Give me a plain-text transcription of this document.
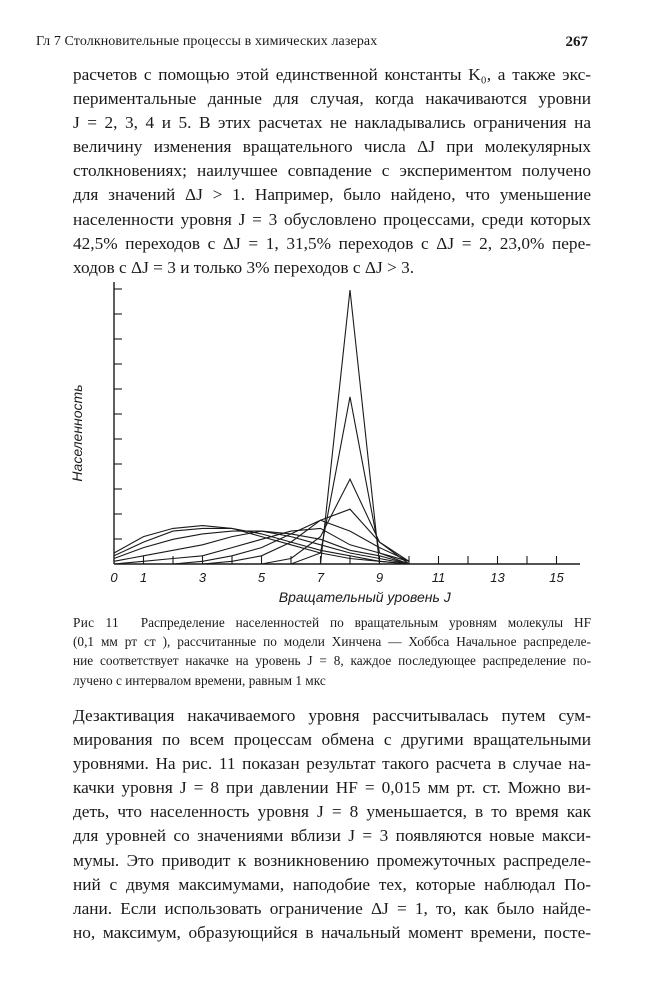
Гл 7 Столкновительные процессы в химических лазерах	267
расчетов с помощью этой единственной константы K₀, а также экс-
периментальные данные для случая, когда накачиваются уровни
J = 2, 3, 4 и 5. В этих расчетах не накладывались ограничения на
величину изменения вращательного числа ΔJ при молекулярных
столкновениях; наилучшее совпадение с экспериментом получено
для значений ΔJ > 1. Например, было найдено, что уменьшение
населенности уровня J = 3 обусловлено процессами, среди которых
42,5% переходов с ΔJ = 1, 31,5% переходов с ΔJ = 2, 23,0% пере-
ходов с ΔJ = 3 и только 3% переходов с ΔJ > 3.
0 1	3	5	7	9	11	13	15
Населенность
Вращательный уровень J
Рис 11 Распределение населенностей по вращательным уровням молекулы HF
(0,1 мм рт ст ), рассчитанные по модели Хинчена — Хоббса Начальное распределе-
ние соответствует накачке на уровень J = 8, каждое последующее распределение по-
лучено с интервалом времени, равным 1 мкс
Дезактивация накачиваемого уровня рассчитывалась путем сум-
мирования по всем процессам обмена с другими вращательными
уровнями. На рис. 11 показан результат такого расчета в случае на-
качки уровня J = 8 при давлении HF = 0,015 мм рт. ст. Можно ви-
деть, что населенность уровня J = 8 уменьшается, в то время как
для уровней со значениями вблизи J = 3 появляются новые макси-
мумы. Это приводит к возникновению промежуточных распределе-
ний с двумя максимумами, наподобие тех, которые наблюдал По-
лани. Если использовать ограничение ΔJ = 1, то, как было найде-
но, максимум, образующийся в начальный момент времени, посте-
